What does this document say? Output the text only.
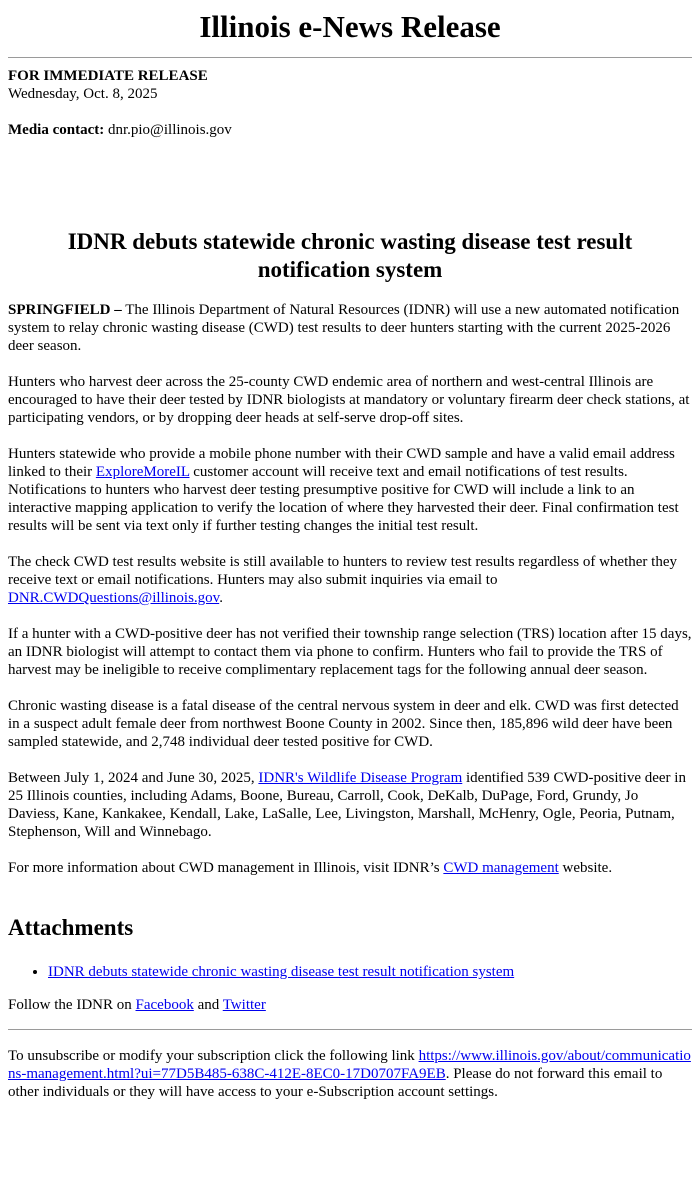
Illinois e-News Release
FOR IMMEDIATE RELEASE
Wednesday, Oct. 8, 2025
Media contact: dnr.pio@illinois.gov
IDNR debuts statewide chronic wasting disease test result notification system

SPRINGFIELD – The Illinois Department of Natural Resources (IDNR) will use a new automated notification system to relay chronic wasting disease (CWD) test results to deer hunters starting with the current 2025-2026 deer season.

Hunters who harvest deer across the 25-county CWD endemic area of northern and west-central Illinois are encouraged to have their deer tested by IDNR biologists at mandatory or voluntary firearm deer check stations, at participating vendors, or by dropping deer heads at self-serve drop-off sites.

Hunters statewide who provide a mobile phone number with their CWD sample and have a valid email address linked to their ExploreMoreIL customer account will receive text and email notifications of test results. Notifications to hunters who harvest deer testing presumptive positive for CWD will include a link to an interactive mapping application to verify the location of where they harvested their deer. Final confirmation test results will be sent via text only if further testing changes the initial test result.

The check CWD test results website is still available to hunters to review test results regardless of whether they receive text or email notifications. Hunters may also submit inquiries via email to DNR.CWDQuestions@illinois.gov.

If a hunter with a CWD-positive deer has not verified their township range selection (TRS) location after 15 days, an IDNR biologist will attempt to contact them via phone to confirm. Hunters who fail to provide the TRS of harvest may be ineligible to receive complimentary replacement tags for the following annual deer season.

Chronic wasting disease is a fatal disease of the central nervous system in deer and elk. CWD was first detected in a suspect adult female deer from northwest Boone County in 2002. Since then, 185,896 wild deer have been sampled statewide, and 2,748 individual deer tested positive for CWD.

Between July 1, 2024 and June 30, 2025, IDNR's Wildlife Disease Program identified 539 CWD-positive deer in 25 Illinois counties, including Adams, Boone, Bureau, Carroll, Cook, DeKalb, DuPage, Ford, Grundy, Jo Daviess, Kane, Kankakee, Kendall, Lake, LaSalle, Lee, Livingston, Marshall, McHenry, Ogle, Peoria, Putnam, Stephenson, Will and Winnebago.

For more information about CWD management in Illinois, visit IDNR’s CWD management website.

Attachments
• IDNR debuts statewide chronic wasting disease test result notification system
Follow the IDNR on Facebook and Twitter
To unsubscribe or modify your subscription click the following link https://www.illinois.gov/about/communications-management.html?ui=77D5B485-638C-412E-8EC0-17D0707FA9EB. Please do not forward this email to other individuals or they will have access to your e-Subscription account settings.
